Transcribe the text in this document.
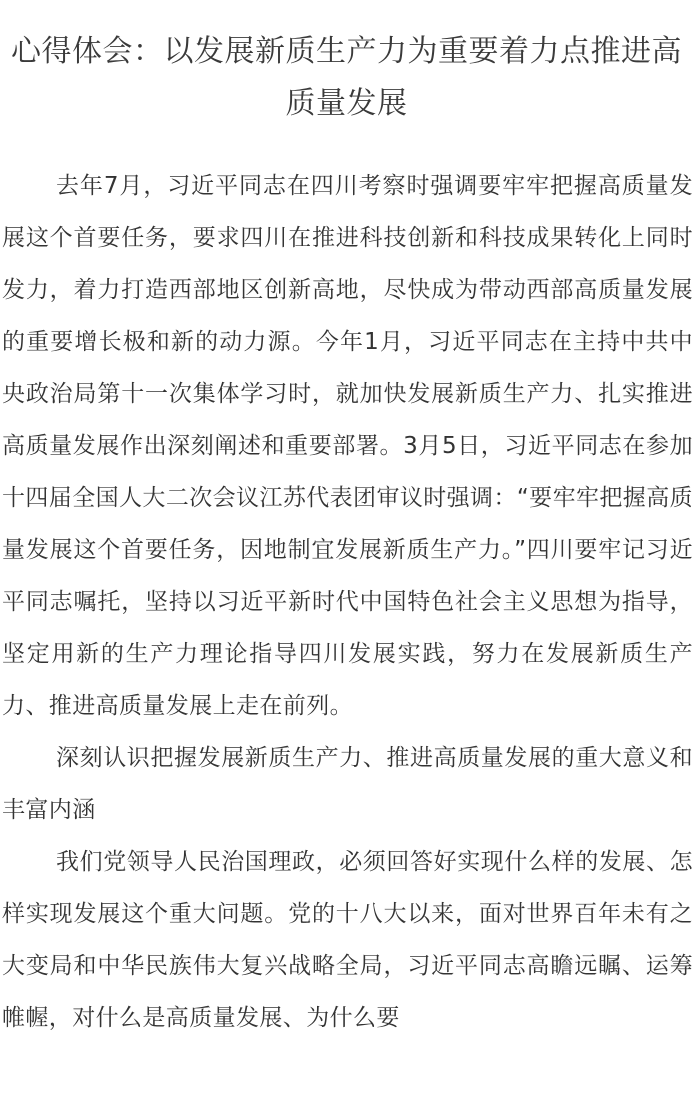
心得体会：以发展新质生产力为重要着力点推进高质量发展

去年7月，习近平同志在四川考察时强调要牢牢把握高质量发展这个首要任务，要求四川在推进科技创新和科技成果转化上同时发力，着力打造西部地区创新高地，尽快成为带动西部高质量发展的重要增长极和新的动力源。今年1月，习近平同志在主持中共中央政治局第十一次集体学习时，就加快发展新质生产力、扎实推进高质量发展作出深刻阐述和重要部署。3月5日，习近平同志在参加十四届全国人大二次会议江苏代表团审议时强调：“要牢牢把握高质量发展这个首要任务，因地制宜发展新质生产力。”四川要牢记习近平同志嘱托，坚持以习近平新时代中国特色社会主义思想为指导，坚定用新的生产力理论指导四川发展实践，努力在发展新质生产力、推进高质量发展上走在前列。

深刻认识把握发展新质生产力、推进高质量发展的重大意义和丰富内涵

我们党领导人民治国理政，必须回答好实现什么样的发展、怎样实现发展这个重大问题。党的十八大以来，面对世界百年未有之大变局和中华民族伟大复兴战略全局，习近平同志高瞻远瞩、运筹帷幄，对什么是高质量发展、为什么要
